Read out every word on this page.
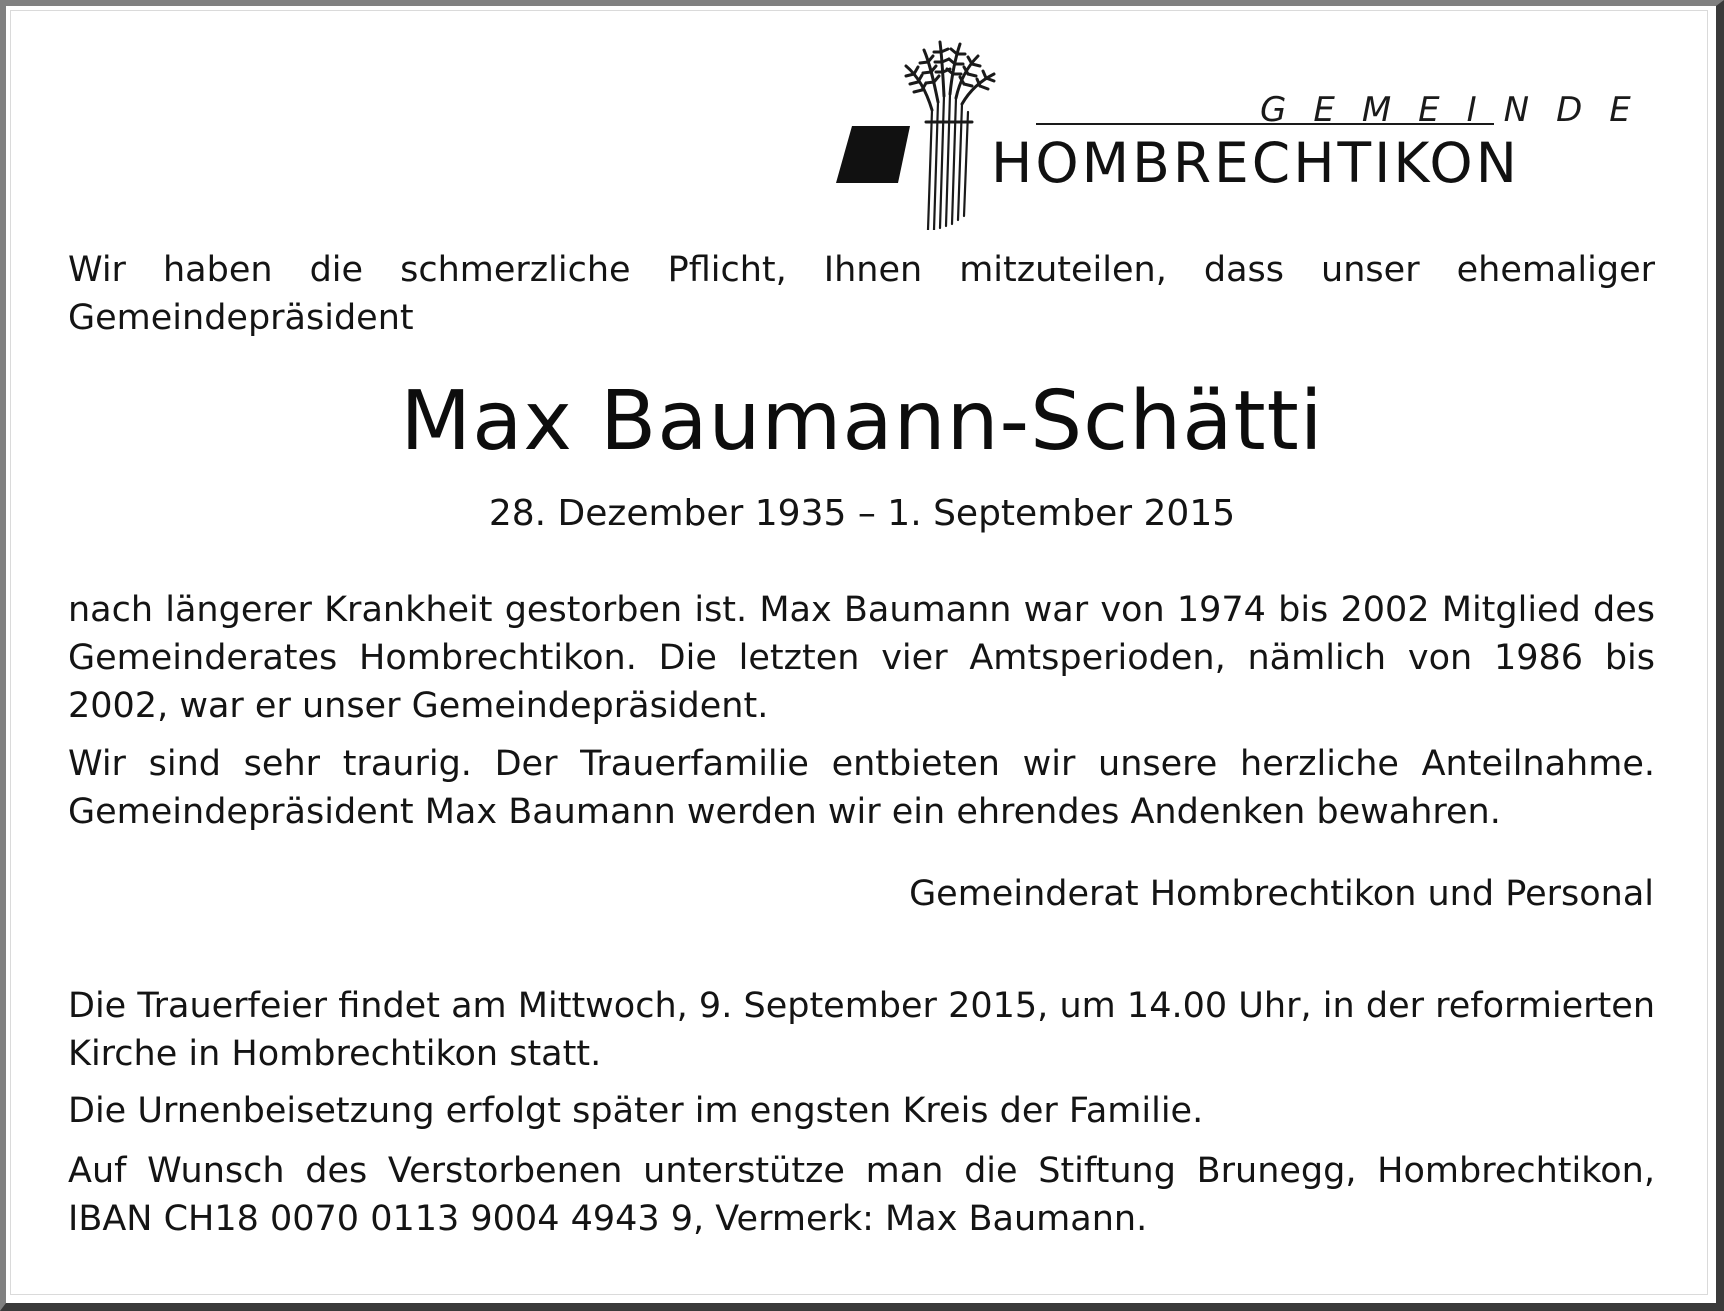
GEMEINDE
HOMBRECHTIKON
Wir haben die schmerzliche Pflicht, Ihnen mitzuteilen, dass unser ehemaliger Gemeindepräsident
Max Baumann-Schätti
28. Dezember 1935 – 1. September 2015
nach längerer Krankheit gestorben ist. Max Baumann war von 1974 bis 2002 Mitglied des Gemeinderates Hombrechtikon. Die letzten vier Amtsperioden, nämlich von 1986 bis 2002, war er unser Gemeindepräsident.
Wir sind sehr traurig. Der Trauerfamilie entbieten wir unsere herzliche Anteilnahme. Gemeindepräsident Max Baumann werden wir ein ehrendes Andenken bewahren.
Gemeinderat Hombrechtikon und Personal
Die Trauerfeier findet am Mittwoch, 9. September 2015, um 14.00 Uhr, in der reformierten Kirche in Hombrechtikon statt.
Die Urnenbeisetzung erfolgt später im engsten Kreis der Familie.
Auf Wunsch des Verstorbenen unterstütze man die Stiftung Brunegg, Hombrechtikon, IBAN CH18 0070 0113 9004 4943 9, Vermerk: Max Baumann.
